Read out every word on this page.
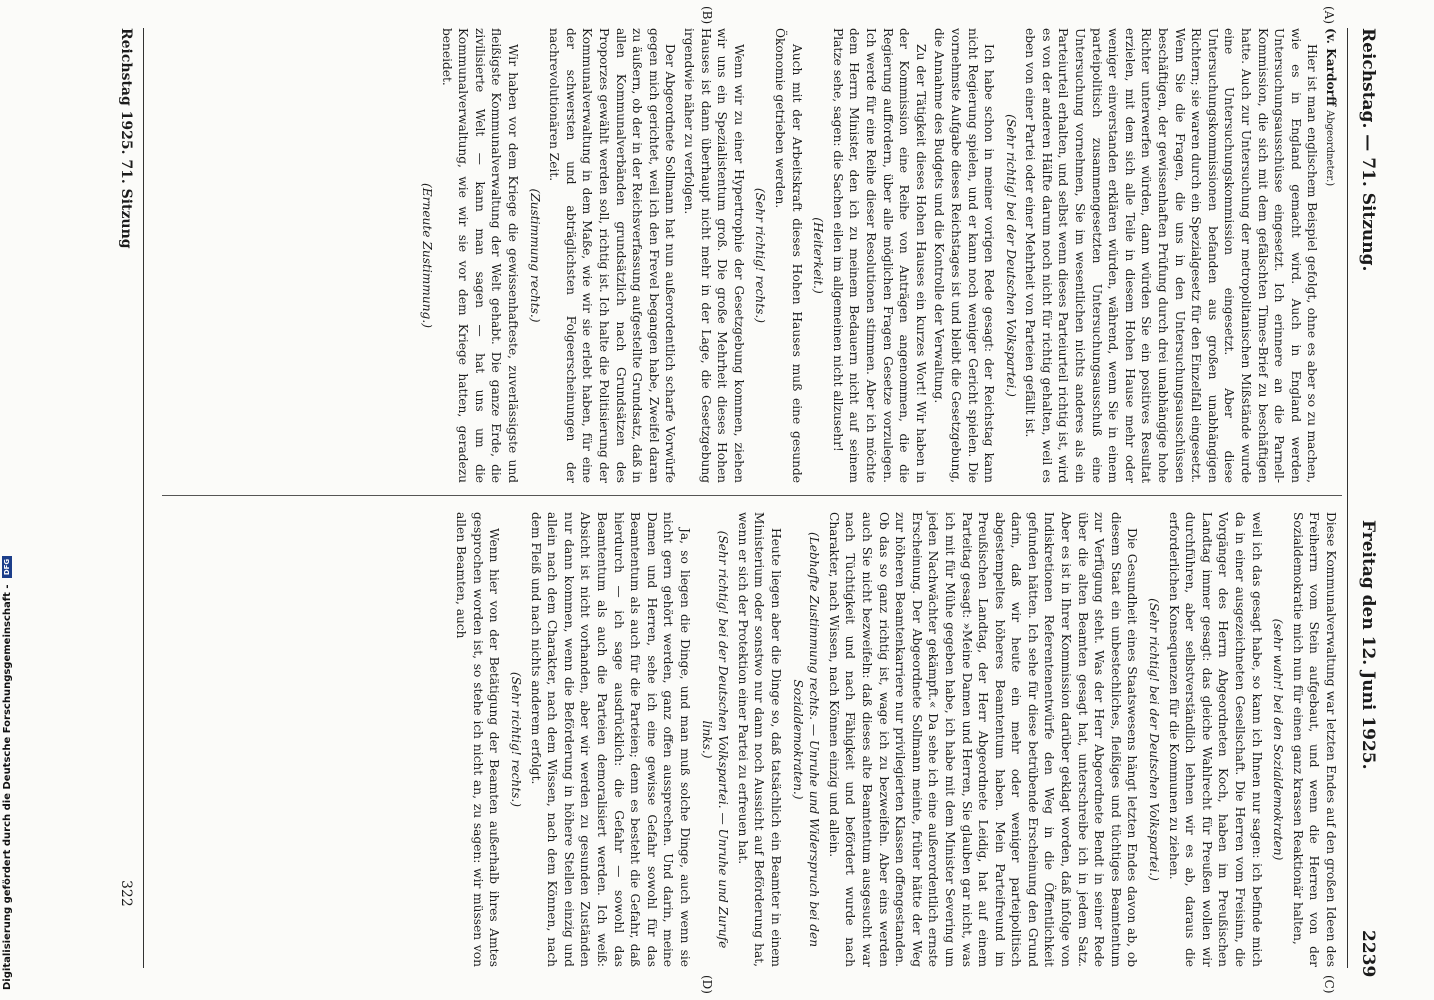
Reichstag. — 71. Sitzung.
Freitag den 12. Juni 1925.
2239
(A)
(B)
(C)
(D)

(v. Kardorff Abgeordneter.)

Hier ist man englischem Beispiel gefolgt, ohne es aber so zu machen, wie es in England gemacht wird. Auch in England werden Untersuchungsausschüsse eingesetzt. Ich erinnere an die Parnell-Kommission, die sich mit dem gefälschten Times-Brief zu beschäftigen hatte. Auch zur Untersuchung der metropolitanischen Mißstände wurde eine Untersuchungskommission eingesetzt. Aber diese Untersuchungskommissionen befanden aus großen unabhängigen Richtern; sie waren durch ein Spezialgesetz für den Einzelfall eingesetzt. Wenn Sie die Fragen, die uns in den Untersuchungsausschüssen beschäftigen, der gewissenhaften Prüfung durch drei unabhängige hohe Richter unterwerfen würden, dann würden Sie ein positives Resultat erzielen, mit dem sich alle Teile in diesem Hohen Hause mehr oder weniger einverstanden erklären würden, während, wenn Sie in einem parteipolitisch zusammengesetzten Untersuchungsausschuß eine Untersuchung vornehmen, Sie im wesentlichen nichts anderes als ein Parteiurteil erhalten, und selbst wenn dieses Parteiurteil richtig ist, wird es von der anderen Hälfte darum noch nicht für richtig gehalten, weil es eben von einer Partei oder einer Mehrheit von Parteien gefällt ist.

(Sehr richtig! bei der Deutschen Volkspartei.)

Ich habe schon in meiner vorigen Rede gesagt: der Reichstag kann nicht Regierung spielen, und er kann noch weniger Gericht spielen. Die vornehmste Aufgabe dieses Reichstages ist und bleibt die Gesetzgebung, die Annahme des Budgets und die Kontrolle der Verwaltung.

Zu der Tätigkeit dieses Hohen Hauses ein kurzes Wort! Wir haben in der Kommission eine Reihe von Anträgen angenommen, die die Regierung auffordern, über alle möglichen Fragen Gesetze vorzulegen. Ich werde für eine Reihe dieser Resolutionen stimmen. Aber ich möchte dem Herrn Minister, den ich zu meinem Bedauern nicht auf seinem Platze sehe, sagen: die Sachen eilen im allgemeinen nicht allzusehr!

(Heiterkeit.)

Auch mit der Arbeitskraft dieses Hohen Hauses muß eine gesunde Ökonomie getrieben werden.

(Sehr richtig! rechts.)

Wenn wir zu einer Hypertrophie der Gesetzgebung kommen, ziehen wir uns ein Spezialistentum groß. Die große Mehrheit dieses Hohen Hauses ist dann überhaupt nicht mehr in der Lage, die Gesetzgebung irgendwie näher zu verfolgen.

Der Abgeordnete Sollmann hat nun außerordentlich scharfe Vorwürfe gegen mich gerichtet, weil ich den Frevel begangen habe, Zweifel daran zu äußern, ob der in der Reichsverfassung aufgestellte Grundsatz, daß in allen Kommunalverbänden grundsätzlich nach Grundsätzen des Proporzes gewählt werden soll, richtig ist. Ich halte die Politisierung der Kommunalverwaltung in dem Maße, wie wir sie erlebt haben, für eine der schwersten und abträglichsten Folgeerscheinungen der nachrevolutionären Zeit.

(Zustimmung rechts.)

Wir haben vor dem Kriege die gewissenhafteste, zuverlässigste und fleißigste Kommunalverwaltung der Welt gehabt. Die ganze Erde, die zivilisierte Welt — kann man sagen — hat uns um die Kommunalverwaltung, wie wir sie vor dem Kriege hatten, geradezu beneidet.

(Erneute Zustimmung.)

Diese Kommunalverwaltung war letzten Endes auf den großen Ideen des Freiherrn vom Stein aufgebaut, und wenn die Herren von der Sozialdemokratie mich nun für einen ganz krassen Reaktionär halten,

(sehr wahr! bei den Sozialdemokraten)

weil ich das gesagt habe, so kann ich Ihnen nur sagen: ich befinde mich da in einer ausgezeichneten Gesellschaft. Die Herren vom Freisinn, die Vorgänger des Herrn Abgeordneten Koch, haben im Preußischen Landtag immer gesagt: das gleiche Wahlrecht für Preußen wollen wir durchführen, aber selbstverständlich lehnen wir es ab, daraus die erforderlichen Konsequenzen für die Kommunen zu ziehen.

(Sehr richtig! bei der Deutschen Volkspartei.)

Die Gesundheit eines Staatswesens hängt letzten Endes davon ab, ob diesem Staat ein unbestechliches, fleißiges und tüchtiges Beamtentum zur Verfügung steht. Was der Herr Abgeordnete Bendt in seiner Rede über die alten Beamten gesagt hat, unterschreibe ich in jedem Satz. Aber es ist in Ihrer Kommission darüber geklagt worden, daß infolge von Indiskretionen Referentenentwürfe den Weg in die Öffentlichkeit gefunden hätten. Ich sehe für diese betrübende Erscheinung den Grund darin, daß wir heute ein mehr oder weniger parteipolitisch abgestempeltes höheres Beamtentum haben. Mein Parteifreund im Preußischen Landtag, der Herr Abgeordnete Leidig, hat auf einem Parteitag gesagt: »Meine Damen und Herren, Sie glauben gar nicht, was ich mit für Mühe gegeben habe, ich habe mit dem Minister Severing um jeden Nachwächter gekämpft.« Da sehe ich eine außerordentlich ernste Erscheinung. Der Abgeordnete Sollmann meinte, früher hätte der Weg zur höheren Beamtenkarriere nur privilegierten Klassen offengestanden. Ob das so ganz richtig ist, wage ich zu bezweifeln. Aber eins werden auch Sie nicht bezweifeln: daß dieses alte Beamtentum ausgesucht war nach Tüchtigkeit und nach Fähigkeit und befördert wurde nach Charakter, nach Wissen, nach Können einzig und allein.

(Lebhafte Zustimmung rechts. — Unruhe und Widerspruch bei den Sozialdemokraten.)

Heute liegen aber die Dinge so, daß tatsächlich ein Beamter in einem Ministerium oder sonstwo nur dann noch Aussicht auf Beförderung hat, wenn er sich der Protektion einer Partei zu erfreuen hat.

(Sehr richtig! bei der Deutschen Volkspartei. — Unruhe und Zurufe links.)

Ja, so liegen die Dinge, und man muß solche Dinge, auch wenn sie nicht gern gehört werden, ganz offen aussprechen. Und darin, meine Damen und Herren, sehe ich eine gewisse Gefahr sowohl für das Beamtentum als auch für die Parteien; denn es besteht die Gefahr, daß hierdurch — ich sage ausdrücklich: die Gefahr — sowohl das Beamtentum als auch die Parteien demoralisiert werden. Ich weiß: Absicht ist nicht vorhanden, aber wir werden zu gesunden Zuständen nur dann kommen, wenn die Beförderung in höhere Stellen einzig und allein nach dem Charakter, nach dem Wissen, nach dem Können, nach dem Fleiß und nach nichts anderem erfolgt.

(Sehr richtig! rechts.)

Wenn hier von der Betätigung der Beamten außerhalb ihres Amtes gesprochen worden ist, so stehe ich nicht an, zu sagen: wir müssen von allen Beamten, auch

Reichstag 1925. 71. Sitzung
322
Digitalisierung gefördert durch die Deutsche Forschungsgemeinschaft - DFG
